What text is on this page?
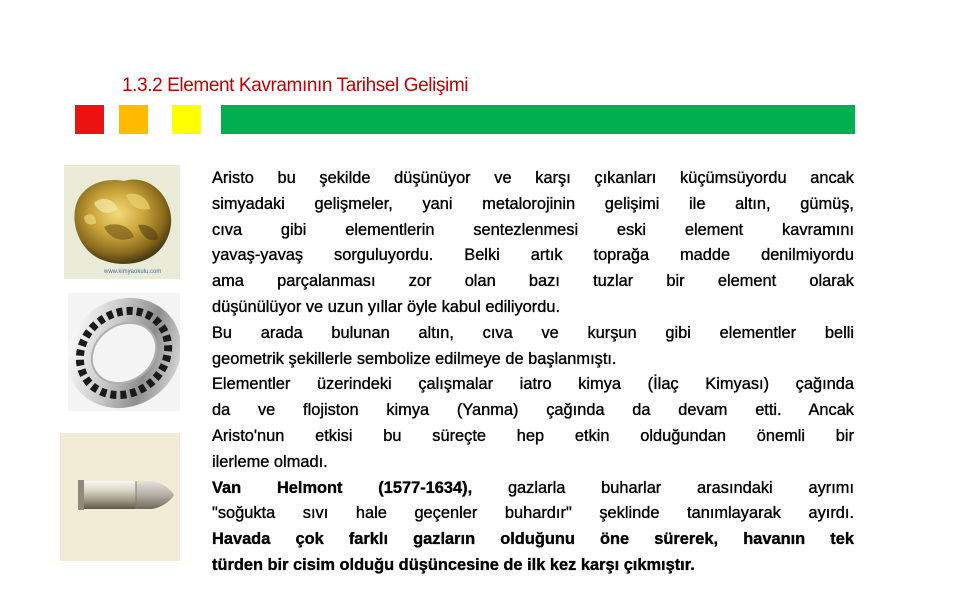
1.3.2 Element Kavramının Tarihsel Gelişimi
www.kimyaokulu.com
Aristo bu şekilde düşünüyor ve karşı çıkanları küçümsüyordu ancak
simyadaki gelişmeler, yani metalorojinin gelişimi ile altın, gümüş,
cıva gibi elementlerin sentezlenmesi eski element kavramını
yavaş-yavaş sorguluyordu. Belki artık toprağa madde denilmiyordu
ama parçalanması zor olan bazı tuzlar bir element olarak
düşünülüyor ve uzun yıllar öyle kabul ediliyordu.
Bu arada bulunan altın, cıva ve kurşun gibi elementler belli
geometrik şekillerle sembolize edilmeye de başlanmıştı.
Elementler üzerindeki çalışmalar iatro kimya (İlaç Kimyası) çağında
da ve flojiston kimya (Yanma) çağında da devam etti. Ancak
Aristo'nun etkisi bu süreçte hep etkin olduğundan önemli bir
ilerleme olmadı.
Van Helmont (1577-1634), gazlarla buharlar arasındaki ayrımı
"soğukta sıvı hale geçenler buhardır" şeklinde tanımlayarak ayırdı.
Havada çok farklı gazların olduğunu öne sürerek, havanın tek
türden bir cisim olduğu düşüncesine de ilk kez karşı çıkmıştır.
